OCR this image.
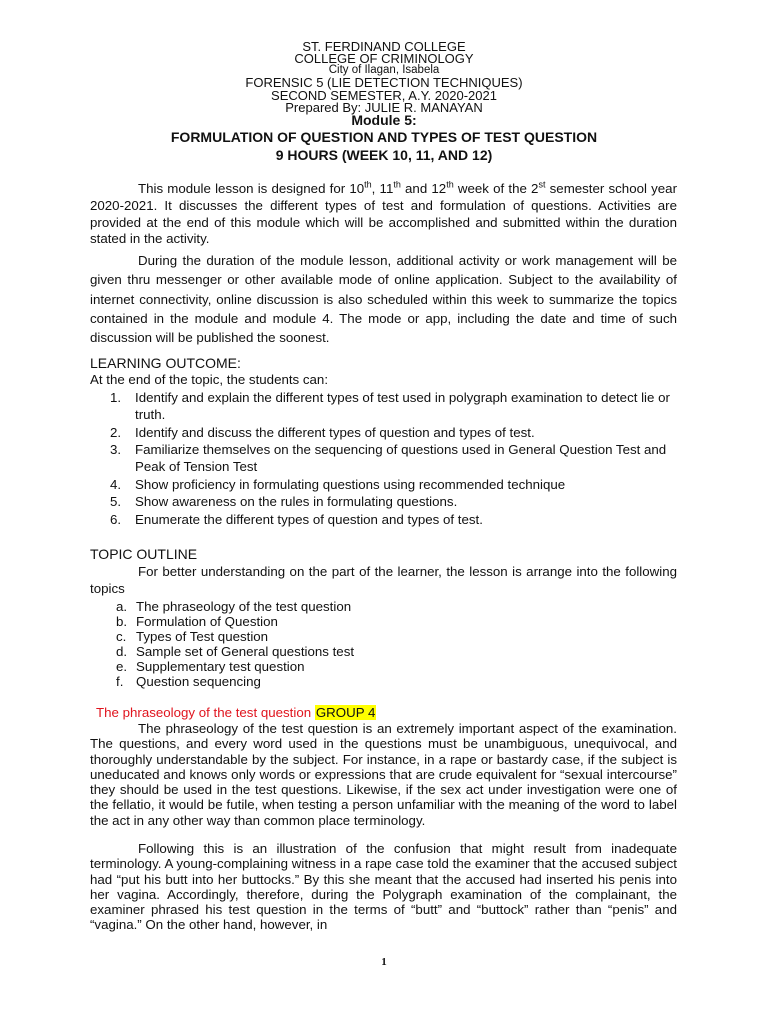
ST. FERDINAND COLLEGE
COLLEGE OF CRIMINOLOGY
City of Ilagan, Isabela
FORENSIC 5 (LIE DETECTION TECHNIQUES)
SECOND SEMESTER, A.Y. 2020-2021
Prepared By: JULIE R. MANAYAN
Module 5:
FORMULATION OF QUESTION AND TYPES OF TEST QUESTION
9 HOURS (WEEK 10, 11, AND 12)
This module lesson is designed for 10th, 11th and 12th week of the 2st semester school year 2020-2021. It discusses the different types of test and formulation of questions. Activities are provided at the end of this module which will be accomplished and submitted within the duration stated in the activity.
During the duration of the module lesson, additional activity or work management will be given thru messenger or other available mode of online application. Subject to the availability of internet connectivity, online discussion is also scheduled within this week to summarize the topics contained in the module and module 4. The mode or app, including the date and time of such discussion will be published the soonest.
LEARNING OUTCOME:
At the end of the topic, the students can:
1. Identify and explain the different types of test used in polygraph examination to detect lie or truth.
2. Identify and discuss the different types of question and types of test.
3. Familiarize themselves on the sequencing of questions used in General Question Test and Peak of Tension Test
4. Show proficiency in formulating questions using recommended technique
5. Show awareness on the rules in formulating questions.
6. Enumerate the different types of question and types of test.
TOPIC OUTLINE
For better understanding on the part of the learner, the lesson is arrange into the following topics
a. The phraseology of the test question
b. Formulation of Question
c. Types of Test question
d. Sample set of General questions test
e. Supplementary test question
f. Question sequencing
The phraseology of the test question GROUP 4
The phraseology of the test question is an extremely important aspect of the examination. The questions, and every word used in the questions must be unambiguous, unequivocal, and thoroughly understandable by the subject. For instance, in a rape or bastardy case, if the subject is uneducated and knows only words or expressions that are crude equivalent for “sexual intercourse” they should be used in the test questions. Likewise, if the sex act under investigation were one of the fellatio, it would be futile, when testing a person unfamiliar with the meaning of the word to label the act in any other way than common place terminology.
Following this is an illustration of the confusion that might result from inadequate terminology. A young-complaining witness in a rape case told the examiner that the accused subject had “put his butt into her buttocks.” By this she meant that the accused had inserted his penis into her vagina. Accordingly, therefore, during the Polygraph examination of the complainant, the examiner phrased his test question in the terms of “butt” and “buttock” rather than “penis” and “vagina.” On the other hand, however, in
1
